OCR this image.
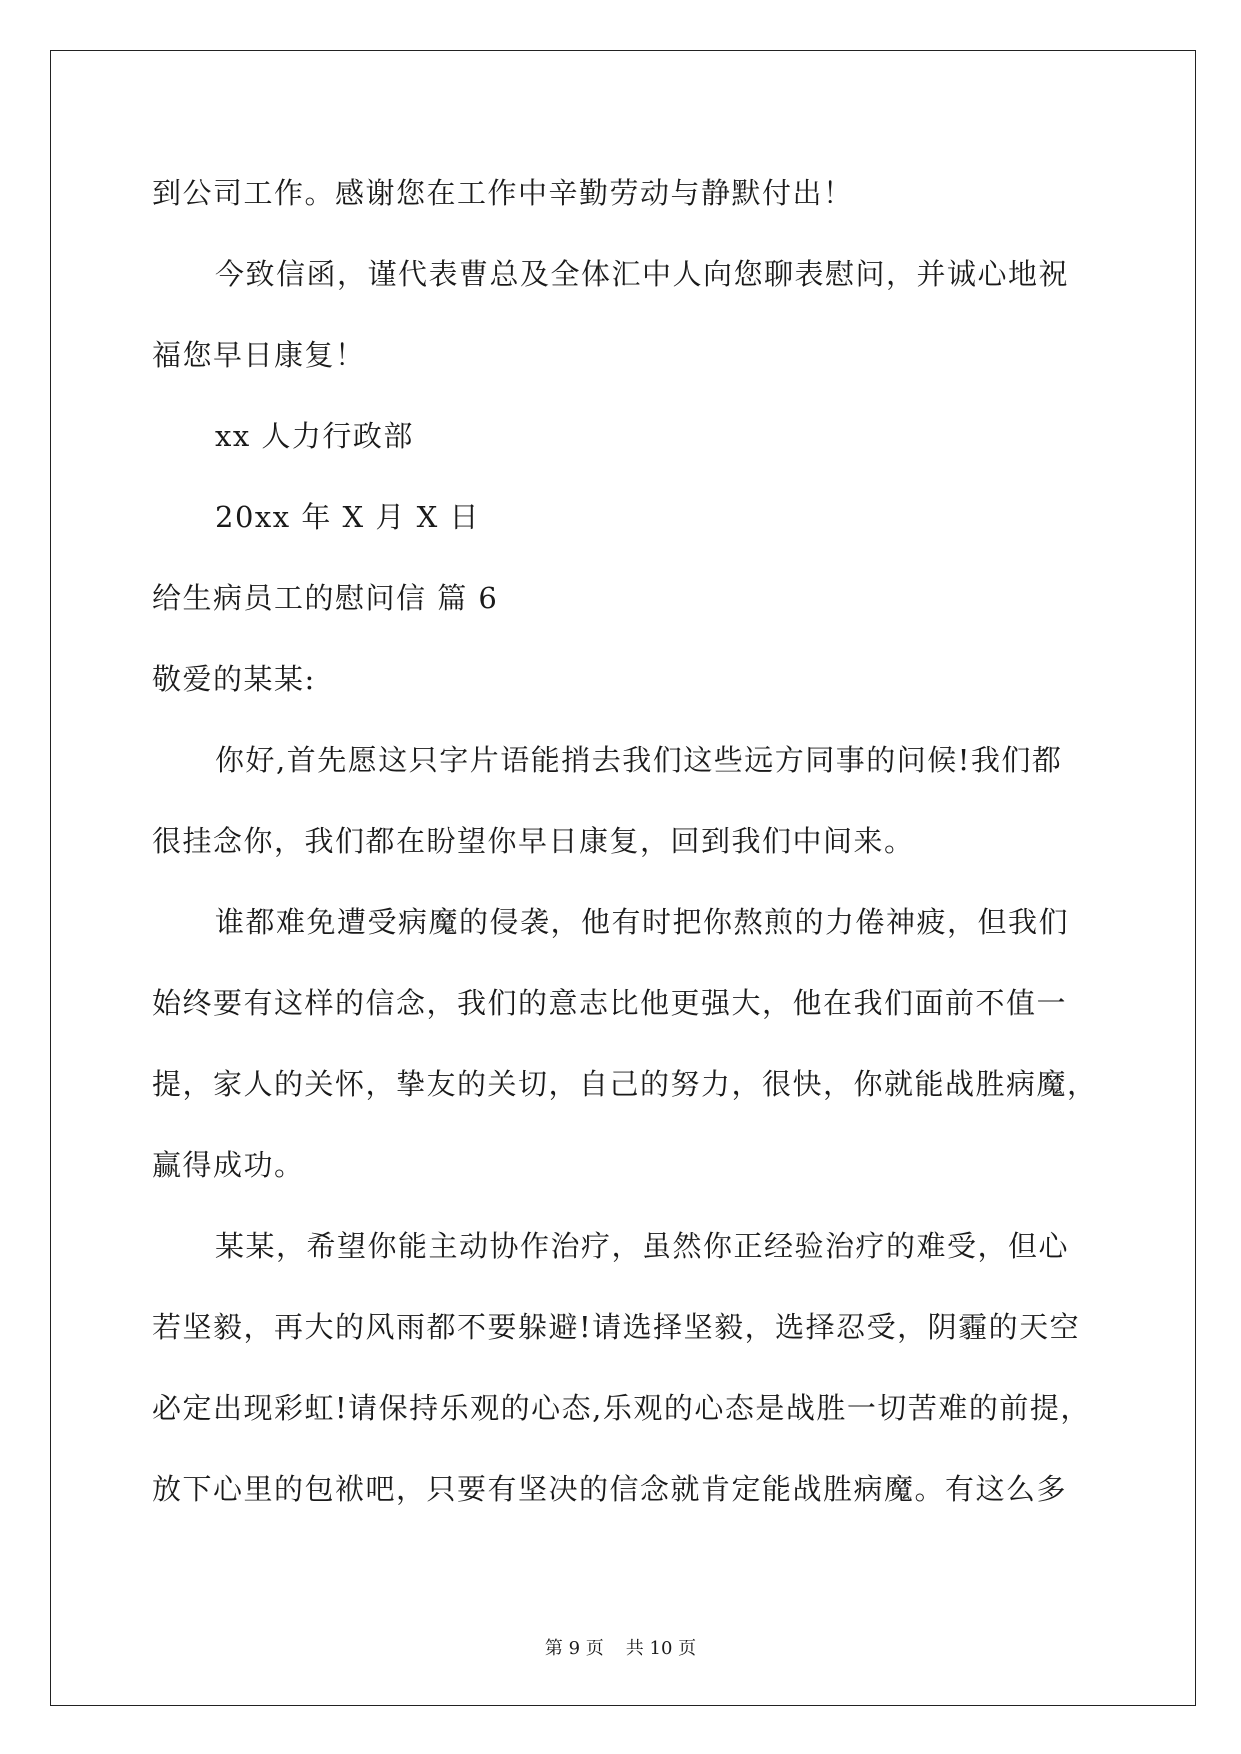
到公司工作。感谢您在工作中辛勤劳动与静默付出！

今致信函，谨代表曹总及全体汇中人向您聊表慰问，并诚心地祝

福您早日康复！

xx 人力行政部

20xx 年 X 月 X 日

给生病员工的慰问信 篇 6

敬爱的某某:

你好,首先愿这只字片语能捎去我们这些远方同事的问候!我们都

很挂念你，我们都在盼望你早日康复，回到我们中间来。

谁都难免遭受病魔的侵袭，他有时把你熬煎的力倦神疲，但我们

始终要有这样的信念，我们的意志比他更强大，他在我们面前不值一

提，家人的关怀，挚友的关切，自己的努力，很快，你就能战胜病魔，

赢得成功。

某某，希望你能主动协作治疗，虽然你正经验治疗的难受，但心

若坚毅，再大的风雨都不要躲避!请选择坚毅，选择忍受，阴霾的天空

必定出现彩虹!请保持乐观的心态,乐观的心态是战胜一切苦难的前提，

放下心里的包袱吧，只要有坚决的信念就肯定能战胜病魔。有这么多

第 9 页 共 10 页
